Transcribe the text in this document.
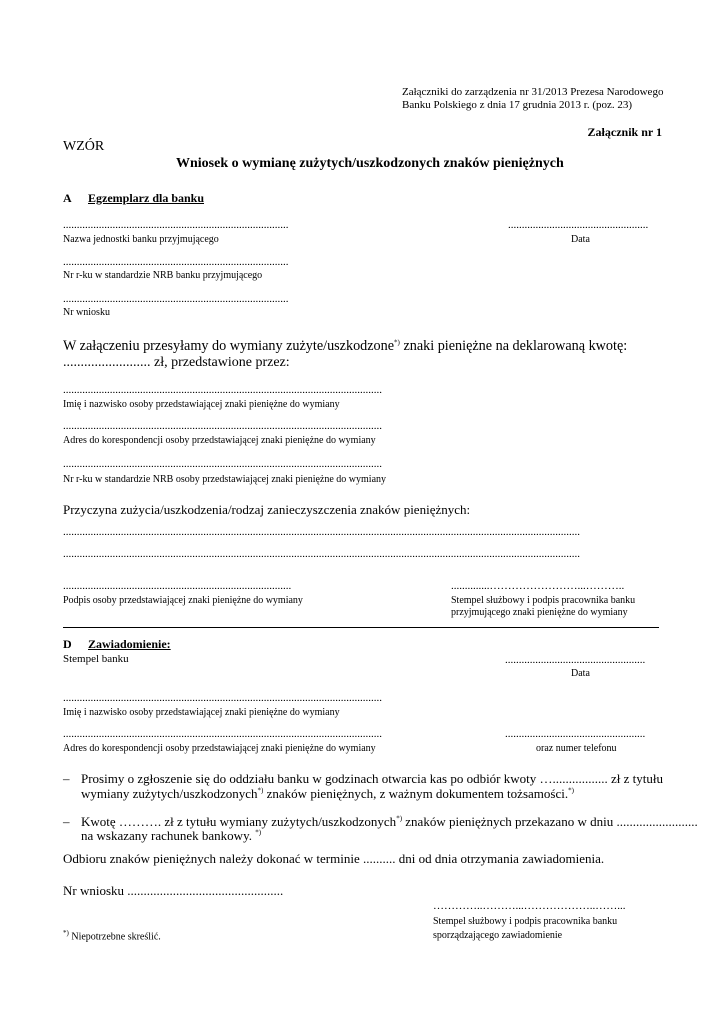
Załączniki do zarządzenia nr 31/2013 Prezesa Narodowego
Banku Polskiego z dnia 17 grudnia 2013 r. (poz. 23)
Załącznik nr 1
WZÓR
Wniosek o wymianę zużytych/uszkodzonych znaków pieniężnych
A Egzemplarz dla banku
..................................................................................
Nazwa jednostki banku przyjmującego
...................................................
Data
..................................................................................
Nr r-ku w standardzie NRB banku przyjmującego
..................................................................................
Nr wniosku
W załączeniu przesyłamy do wymiany zużyte/uszkodzone*) znaki pieniężne na deklarowaną kwotę:
......................... zł, przedstawione przez:
....................................................................................................................
Imię i nazwisko osoby przedstawiającej znaki pieniężne do wymiany
....................................................................................................................
Adres do korespondencji osoby przedstawiającej znaki pieniężne do wymiany
....................................................................................................................
Nr r-ku w standardzie NRB osoby przedstawiającej znaki pieniężne do wymiany
Przyczyna zużycia/uszkodzenia/rodzaj zanieczyszczenia znaków pieniężnych:
............................................................................................................................................................................................
............................................................................................................................................................................................
...................................................................................
Podpis osoby przedstawiającej znaki pieniężne do wymiany
..............……………………...………..
Stempel służbowy i podpis pracownika banku
przyjmującego znaki pieniężne do wymiany
D Zawiadomienie:
Stempel banku	...................................................
Data
....................................................................................................................
Imię i nazwisko osoby przedstawiającej znaki pieniężne do wymiany
....................................................................................................................
Adres do korespondencji osoby przedstawiającej znaki pieniężne do wymiany
...................................................
oraz numer telefonu
– Prosimy o zgłoszenie się do oddziału banku w godzinach otwarcia kas po odbiór kwoty …................. zł z tytułu
wymiany zużytych/uszkodzonych*) znaków pieniężnych, z ważnym dokumentem tożsamości.*)
– Kwotę ………. zł z tytułu wymiany zużytych/uszkodzonych*) znaków pieniężnych przekazano w dniu .........................
na wskazany rachunek bankowy. *)
Odbioru znaków pieniężnych należy dokonać w terminie .......... dni od dnia otrzymania zawiadomienia.
Nr wniosku ................................................
…………..………...………………..……...
Stempel służbowy i podpis pracownika banku
sporządzającego zawiadomienie
*) Niepotrzebne skreślić.
